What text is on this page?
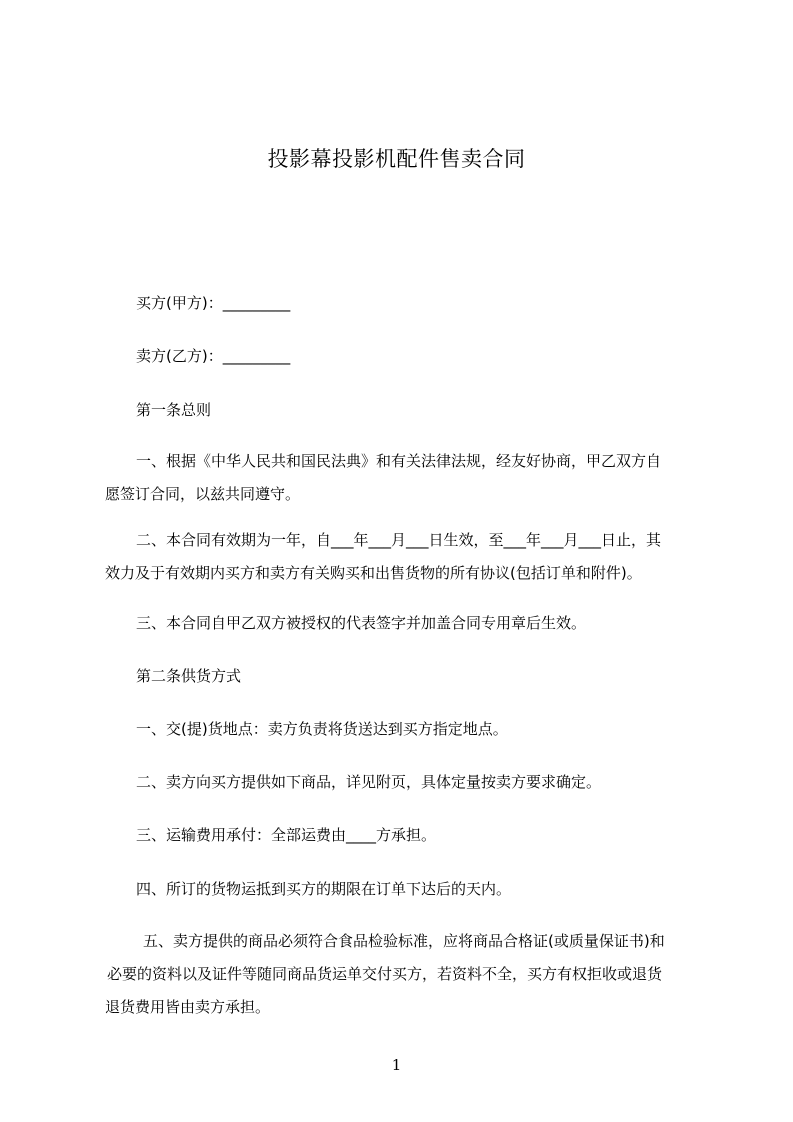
投影幕投影机配件售卖合同
买方(甲方)：_________
卖方(乙方)：_________
第一条总则

一、根据《中华人民共和国民法典》和有关法律法规，经友好协商，甲乙双方自

愿签订合同，以兹共同遵守。

二、本合同有效期为一年，自___年___月___日生效，至___年___月___日止，其

效力及于有效期内买方和卖方有关购买和出售货物的所有协议(包括订单和附件)。

三、本合同自甲乙双方被授权的代表签字并加盖合同专用章后生效。
第二条供货方式
一、交(提)货地点：卖方负责将货送达到买方指定地点。
二、卖方向买方提供如下商品，详见附页，具体定量按卖方要求确定。
三、运输费用承付：全部运费由____方承担。
四、所订的货物运抵到买方的期限在订单下达后的天内。

五、卖方提供的商品必须符合食品检验标准，应将商品合格证(或质量保证书)和

必要的资料以及证件等随同商品货运单交付买方，若资料不全，买方有权拒收或退货

退货费用皆由卖方承担。

1
